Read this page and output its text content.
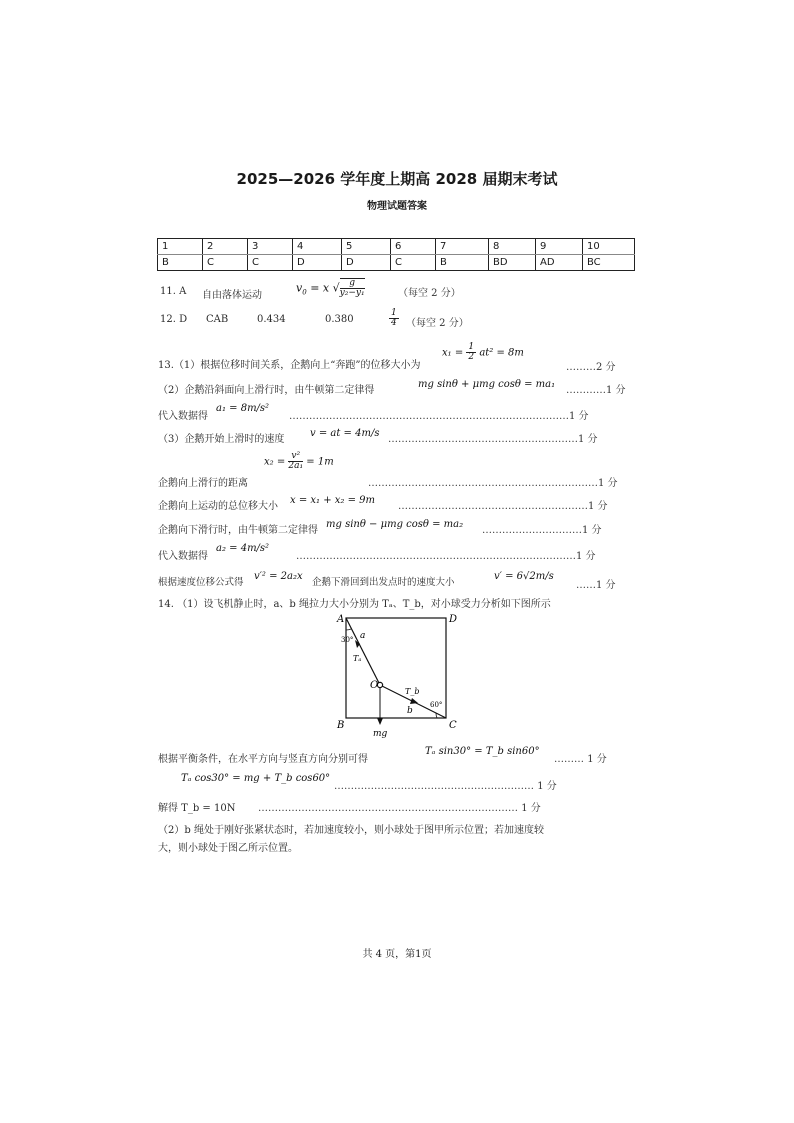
2025—2026 学年度上期高 2028 届期末考试
物理试题答案
1	2	3	4	5	6	7	8	9	10
B	C	C	D	D	C	B	BD	AD	BC
11. A 自由落体运动
$v_0 = x$ √ $\frac{g}{\text{y₂−y₁}}$	（每空 2 分）
12. D CAB	0.434	0.380	$\frac{1}{4}$ （每空 2 分）
13.（1）根据位移时间关系，企鹅向上“奔跑”的位移大小为
$x_1 = \frac{1}{2} at^2 = 8m$
………2 分
（2）企鹅沿斜面向上滑行时，由牛顿第二定律得
mg sinθ + μmg cosθ = ma₁
…………1 分
代入数据得
a₁ = 8m/s²
…………………………………………………………………………1 分
（3）企鹅开始上滑时的速度
v = at = 4m/s
…………………………………………………1 分
企鹅向上滑行的距离
$x_2 = \frac{\text{v²}}{\text{2a₁}} = 1m$
……………………………………………………………1 分
企鹅向上运动的总位移大小
x = x₁ + x₂ = 9m
…………………………………………………1 分
企鹅向下滑行时，由牛顿第二定律得
mg sinθ − μmg cosθ = ma₂
…………………………1 分
代入数据得
a₂ = 4m/s²
…………………………………………………………………………1 分
根据速度位移公式得
v′² = 2a₂x
企鹅下滑回到出发点时的速度大小
v′ = 6√2m/s
……1 分
14. （1）设飞机静止时，a、b 绳拉力大小分别为 Tₐ、T_b，对小球受力分析如下图所示
A	D
B	C
O
a
b
30°
60°
Tₐ
T_b
mg
根据平衡条件，在水平方向与竖直方向分别可得
Tₐ sin30° = T_b sin60°
……… 1 分
Tₐ cos30° = mg + T_b cos60°
…………………………………………………… 1 分
解得 T_b = 10N …………………………………………………………………… 1 分
（2）b 绳处于刚好张紧状态时，若加速度较小，则小球处于图甲所示位置；若加速度较
大，则小球处于图乙所示位置。
共 4 页，第1页
